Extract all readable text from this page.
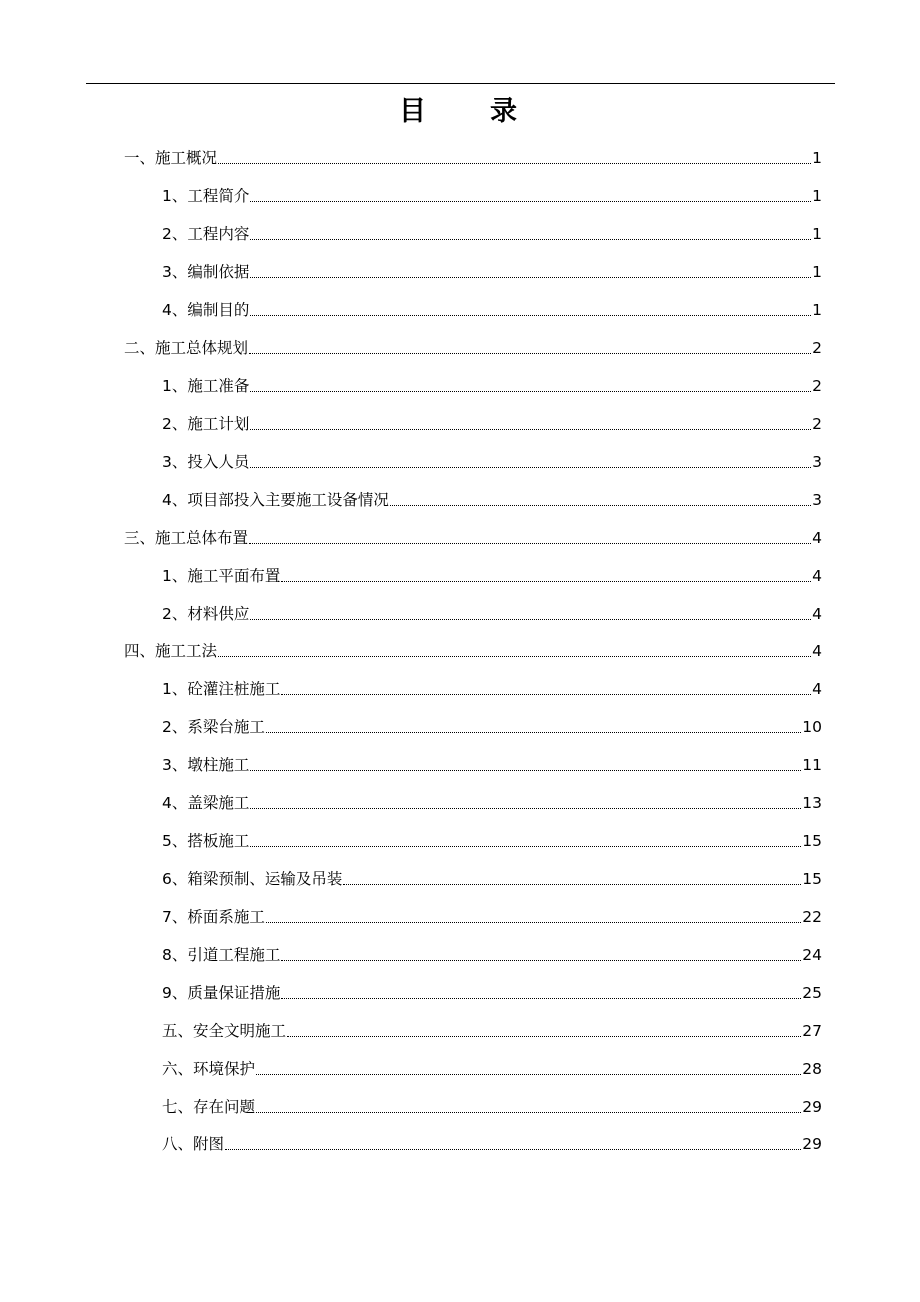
目录
一、施工概况	1
1、工程简介	1
2、工程内容	1
3、编制依据	1
4、编制目的	1
二、施工总体规划	2
1、施工准备	2
2、施工计划	2
3、投入人员	3
4、项目部投入主要施工设备情况	3
三、施工总体布置	4
1、施工平面布置	4
2、材料供应	4
四、施工工法	4
1、砼灌注桩施工	4
2、系梁台施工	10
3、墩柱施工	11
4、盖梁施工	13
5、搭板施工	15
6、箱梁预制、运输及吊装	15
7、桥面系施工	22
8、引道工程施工	24
9、质量保证措施	25
五、安全文明施工	27
六、环境保护	28
七、存在问题	29
八、附图	29
